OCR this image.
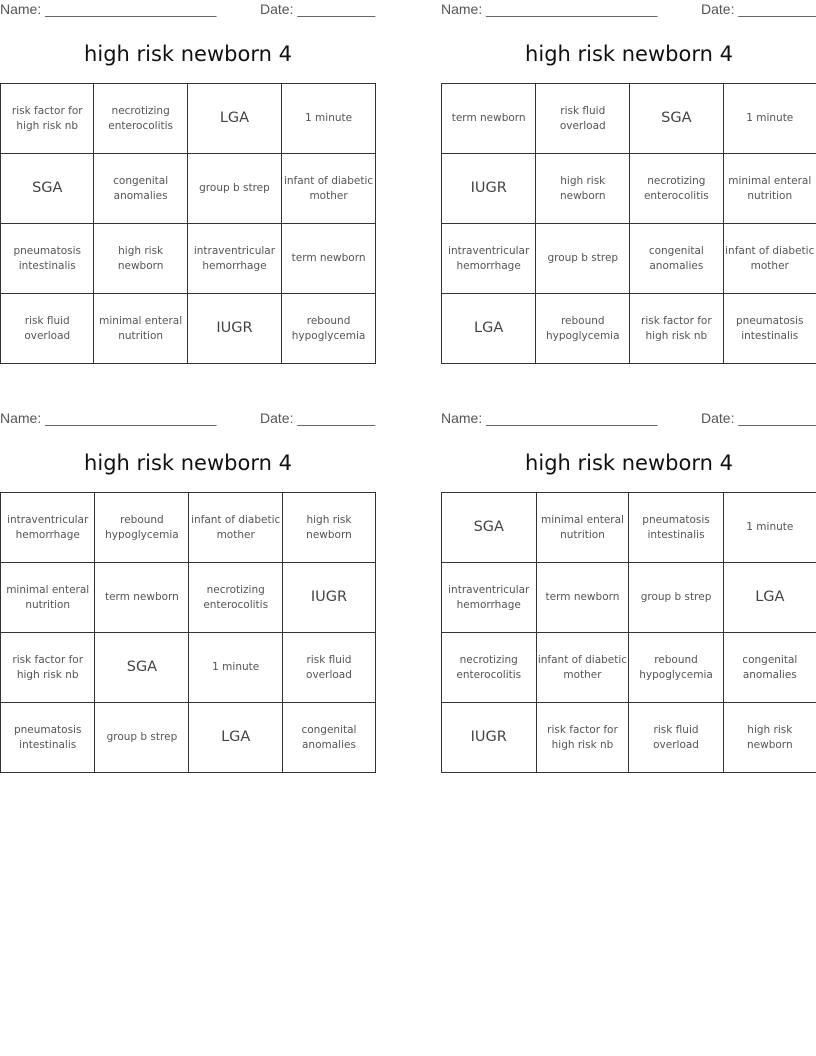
Name: ______________________	Date: __________
high risk newborn 4
risk factor for high risk nb	necrotizing enterocolitis	LGA	1 minute
SGA	congenital anomalies	group b strep	infant of diabetic mother
pneumatosis intestinalis	high risk newborn	intraventricular hemorrhage	term newborn
risk fluid overload	minimal enteral nutrition	IUGR	rebound hypoglycemia
Name: ______________________	Date: __________
high risk newborn 4
term newborn	risk fluid overload	SGA	1 minute
IUGR	high risk newborn	necrotizing enterocolitis	minimal enteral nutrition
intraventricular hemorrhage	group b strep	congenital anomalies	infant of diabetic mother
LGA	rebound hypoglycemia	risk factor for high risk nb	pneumatosis intestinalis
Name: ______________________	Date: __________
high risk newborn 4
intraventricular hemorrhage	rebound hypoglycemia	infant of diabetic mother	high risk newborn
minimal enteral nutrition	term newborn	necrotizing enterocolitis	IUGR
risk factor for high risk nb	SGA	1 minute	risk fluid overload
pneumatosis intestinalis	group b strep	LGA	congenital anomalies
Name: ______________________	Date: __________
high risk newborn 4
SGA	minimal enteral nutrition	pneumatosis intestinalis	1 minute
intraventricular hemorrhage	term newborn	group b strep	LGA
necrotizing enterocolitis	infant of diabetic mother	rebound hypoglycemia	congenital anomalies
IUGR	risk factor for high risk nb	risk fluid overload	high risk newborn
